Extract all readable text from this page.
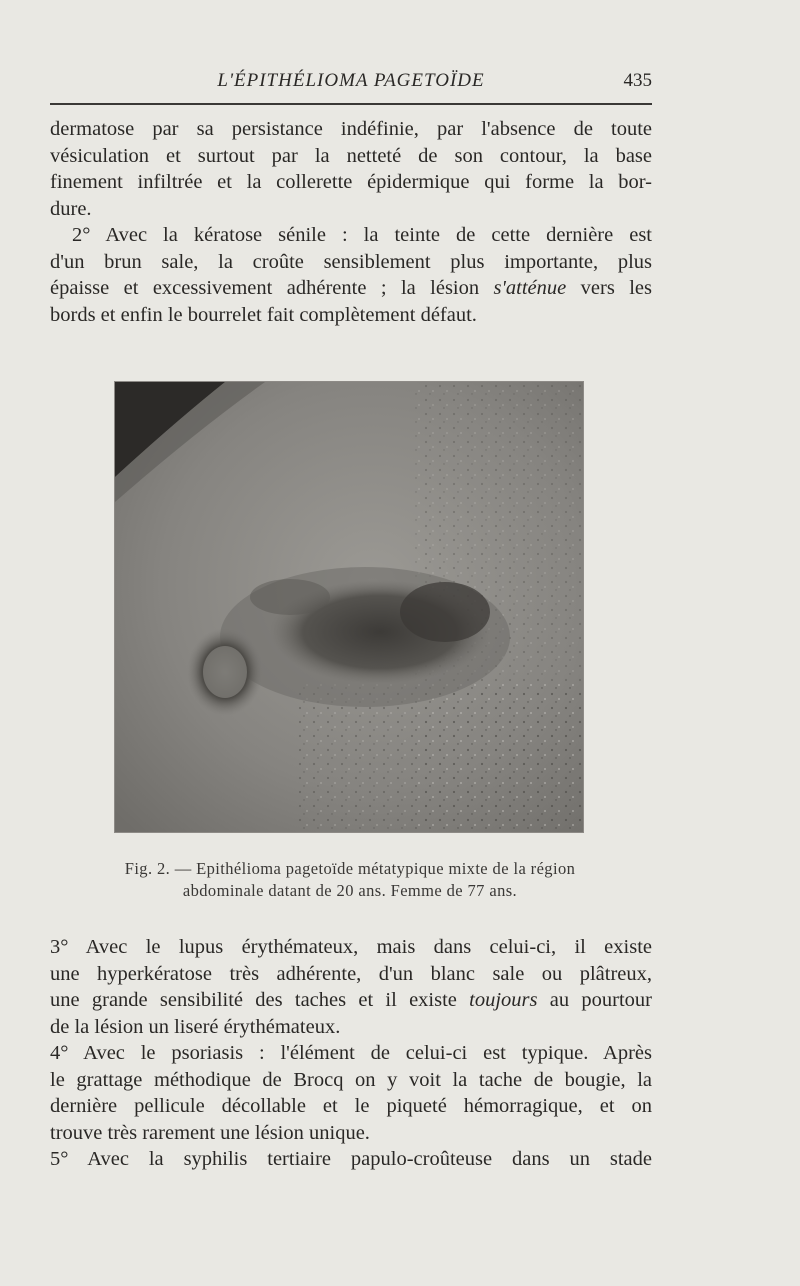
L'ÉPITHÉLIOMA PAGETOÏDE	435
dermatose par sa persistance indéfinie, par l'absence de toute
vésiculation et surtout par la netteté de son contour, la base
finement infiltrée et la collerette épidermique qui forme la bor-
dure.
2° Avec la kératose sénile : la teinte de cette dernière est
d'un brun sale, la croûte sensiblement plus importante, plus
épaisse et excessivement adhérente ; la lésion s'atténue vers les
bords et enfin le bourrelet fait complètement défaut.
Fig. 2. — Epithélioma pagetoïde métatypique mixte de la région
abdominale datant de 20 ans. Femme de 77 ans.
3° Avec le lupus érythémateux, mais dans celui-ci, il existe
une hyperkératose très adhérente, d'un blanc sale ou plâtreux,
une grande sensibilité des taches et il existe toujours au pourtour
de la lésion un liseré érythémateux.
4° Avec le psoriasis : l'élément de celui-ci est typique. Après
le grattage méthodique de Brocq on y voit la tache de bougie, la
dernière pellicule décollable et le piqueté hémorragique, et on
trouve très rarement une lésion unique.
5° Avec la syphilis tertiaire papulo-croûteuse dans un stade
